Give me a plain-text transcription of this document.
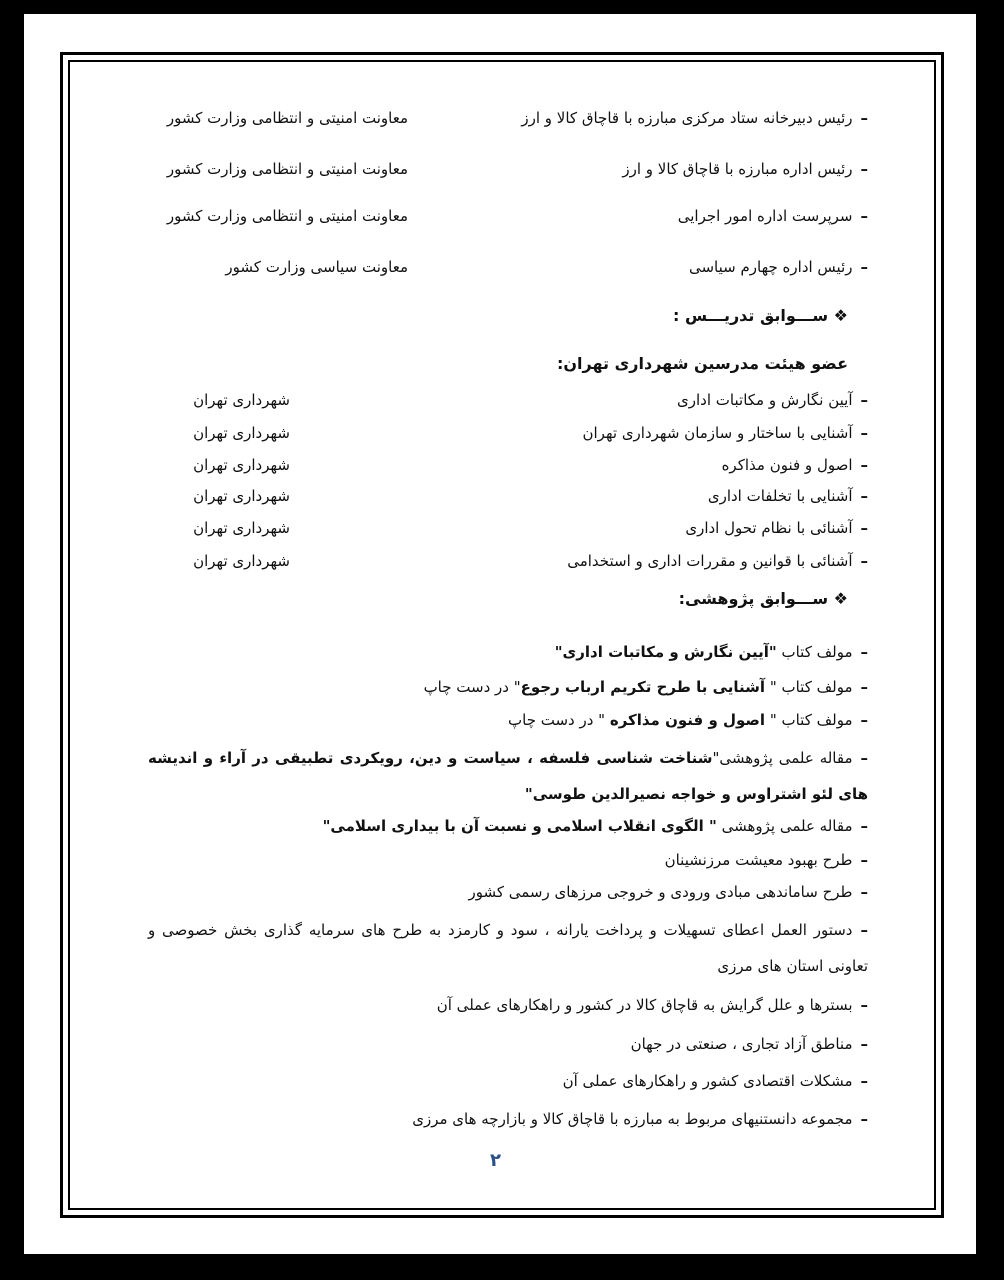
–رئیس دبیرخانه ستاد مرکزی مبارزه با قاچاق کالا و ارز
معاونت امنیتی و انتظامی وزارت کشور
–رئیس اداره مبارزه با قاچاق کالا و ارز
معاونت امنیتی و انتظامی وزارت کشور
–سرپرست اداره امور اجرایی
معاونت امنیتی و انتظامی وزارت کشور
–رئیس اداره چهارم سیاسی
معاونت سیاسی وزارت کشور
❖ ســـوابق تدریـــس :
عضو هیئت مدرسین شهرداری تهران:
–آیین نگارش و مکاتبات اداری
شهرداری تهران
–آشنایی با ساختار و سازمان شهرداری تهران
شهرداری تهران
–اصول و فنون مذاکره
شهرداری تهران
–آشنایی با تخلفات اداری
شهرداری تهران
–آشنائی با نظام تحول اداری
شهرداری تهران
–آشنائی با قوانین و مقررات اداری و استخدامی
شهرداری تهران
❖ ســـوابق پژوهشی:
–مولف کتاب "آیین نگارش و مکاتبات اداری"
–مولف کتاب " آشنایی با طرح تکریم ارباب رجوع" در دست چاپ
–مولف کتاب " اصول و فنون مذاکره " در دست چاپ
–مقاله علمی پژوهشی"شناخت شناسی فلسفه ، سیاست و دین، رویکردی تطبیقی در آراء و اندیشه های لئو اشتراوس و خواجه نصیرالدین طوسی"
–مقاله علمی پژوهشی " الگوی انقلاب اسلامی و نسبت آن با بیداری اسلامی"
–طرح بهبود معیشت مرزنشینان
–طرح ساماندهی مبادی ورودی و خروجی مرزهای رسمی کشور
–دستور العمل اعطای تسهیلات و پرداخت یارانه ، سود و کارمزد به طرح های سرمایه گذاری بخش خصوصی و تعاونی استان های مرزی
–بسترها و علل گرایش به قاچاق کالا در کشور و راهکارهای عملی آن
–مناطق آزاد تجاری ، صنعتی در جهان
–مشکلات اقتصادی کشور و راهکارهای عملی آن
–مجموعه دانستنیهای مربوط به مبارزه با قاچاق کالا و بازارچه های مرزی
۲
